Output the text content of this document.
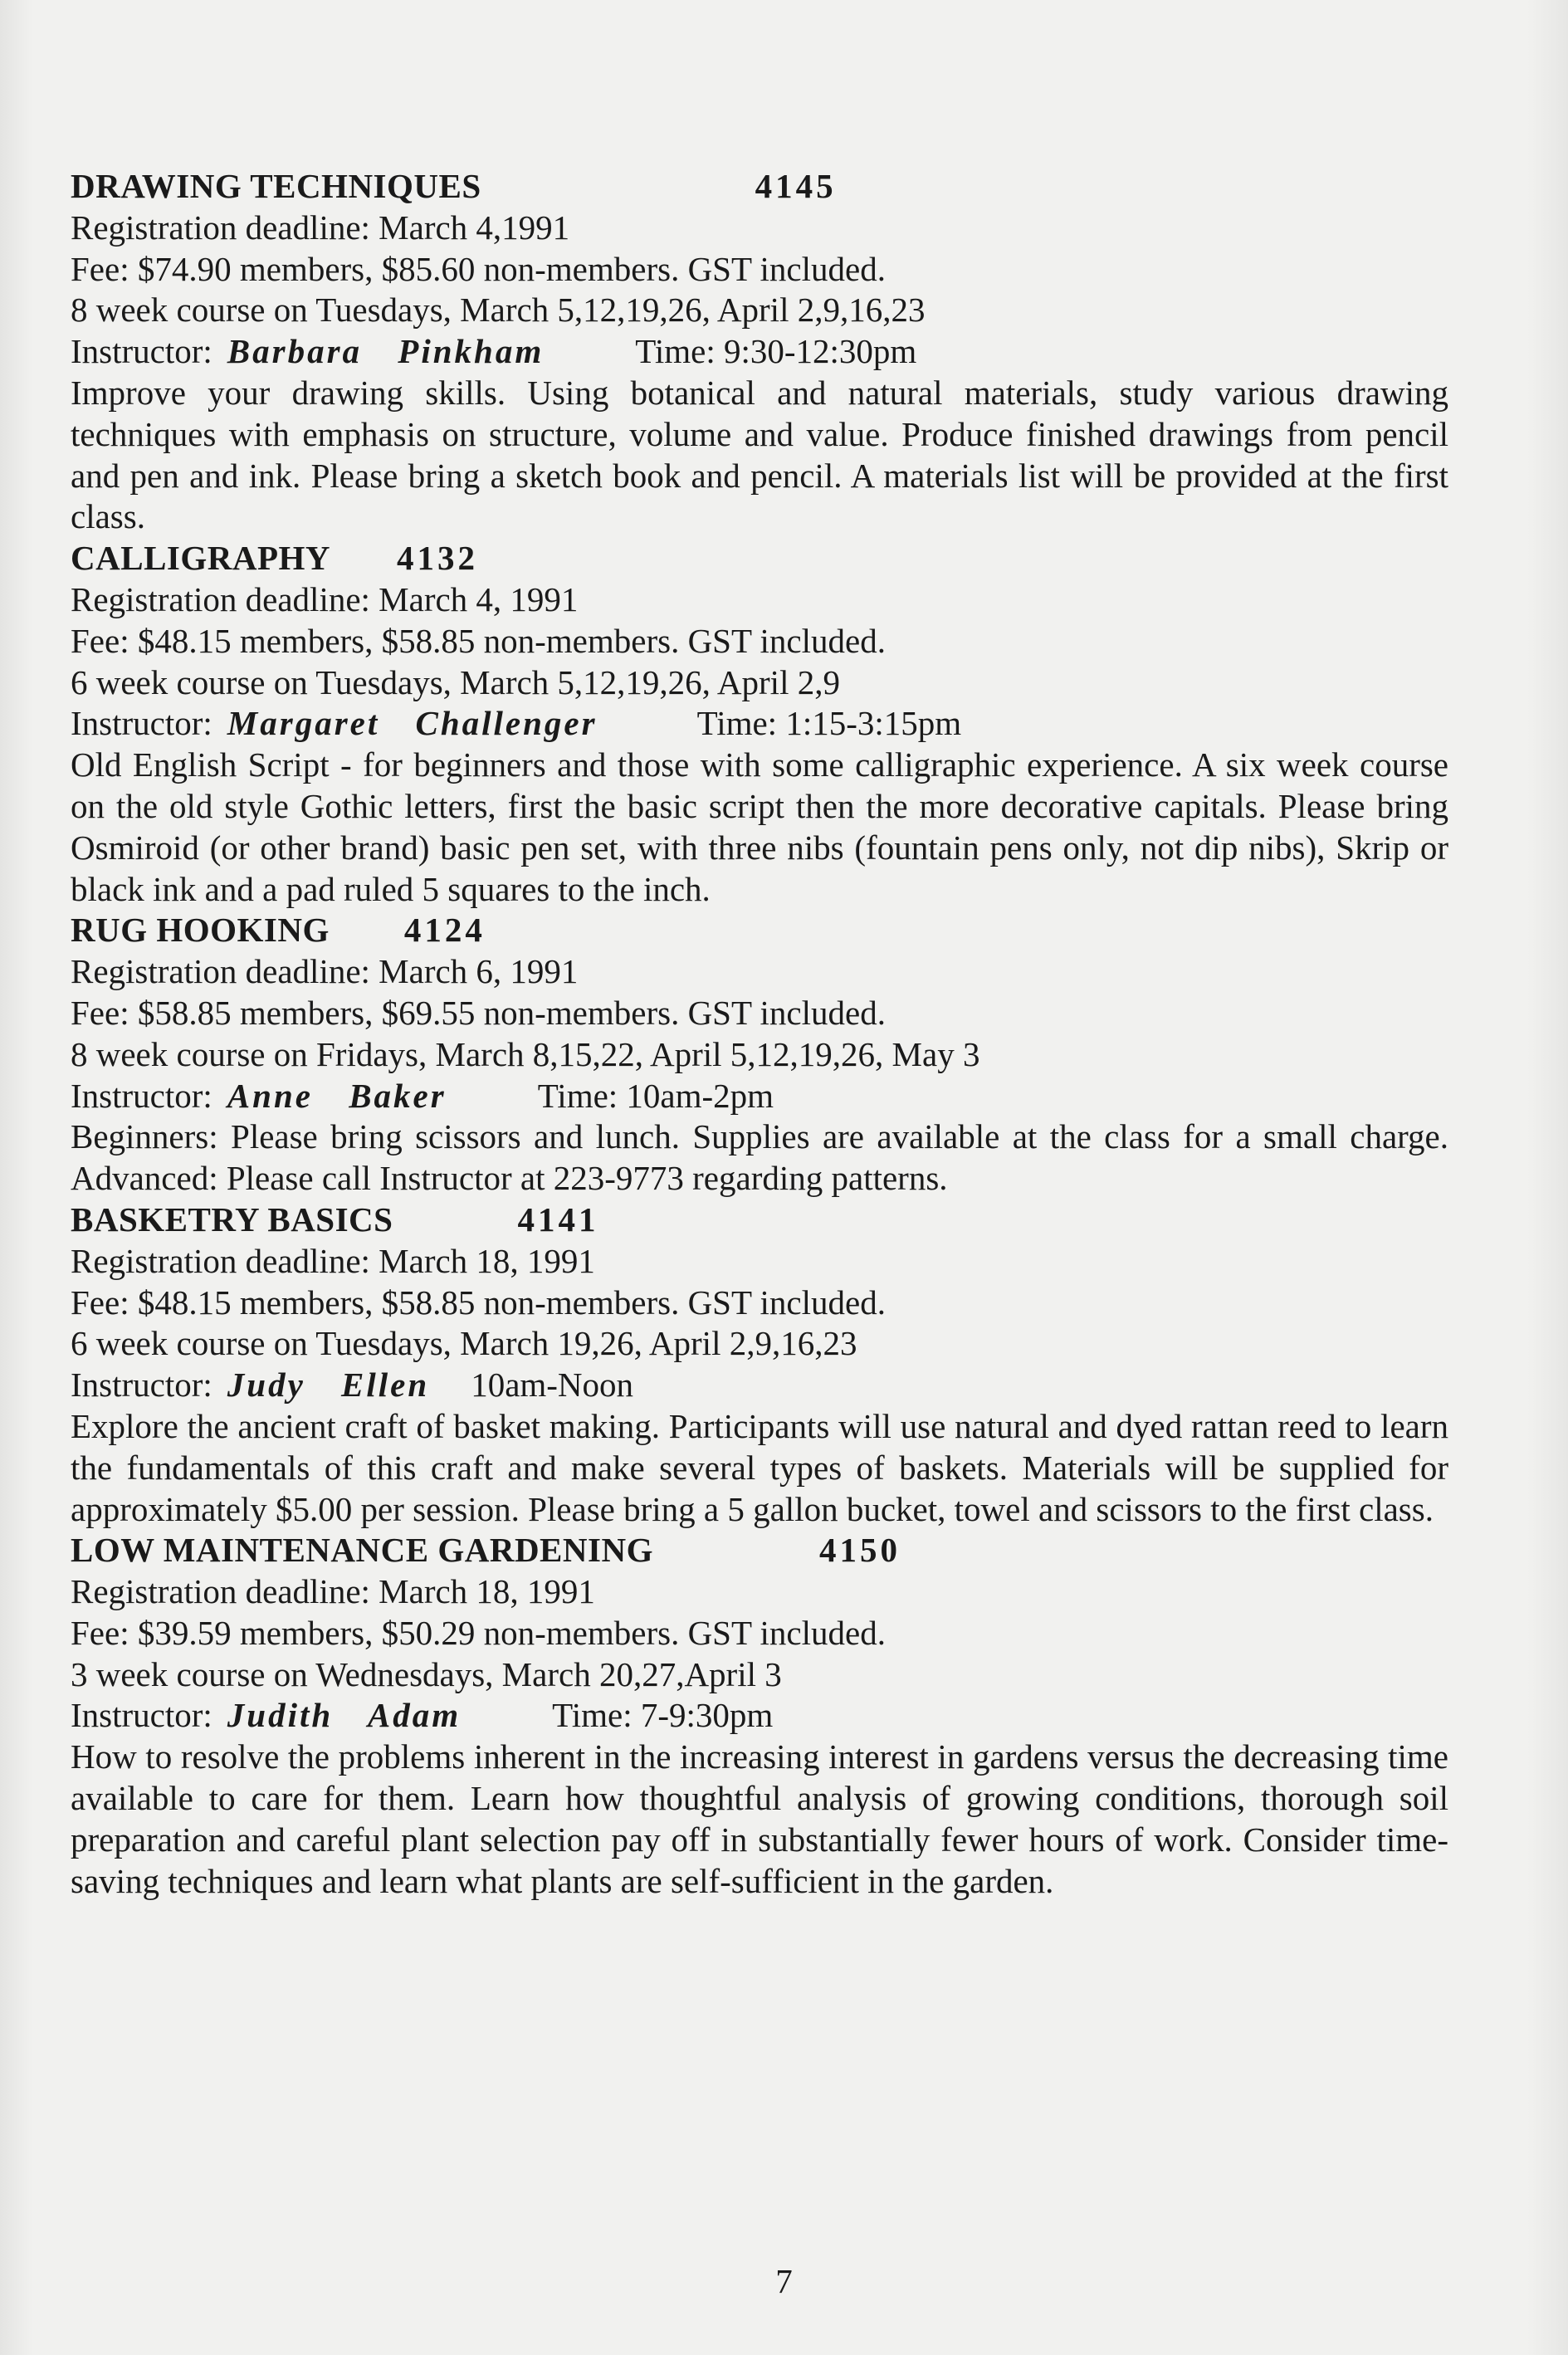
DRAWING TECHNIQUES	4145
Registration deadline: March 4,1991
Fee: $74.90 members, $85.60 non-members. GST included.
8 week course on Tuesdays, March 5,12,19,26, April 2,9,16,23
Instructor: Barbara Pinkham	Time: 9:30-12:30pm
Improve your drawing skills. Using botanical and natural materials, study various drawing techniques with emphasis on structure, volume and value. Produce finished drawings from pencil and pen and ink. Please bring a sketch book and pencil. A materials list will be provided at the first class.
CALLIGRAPHY 4132
Registration deadline: March 4, 1991
Fee: $48.15 members, $58.85 non-members. GST included.
6 week course on Tuesdays, March 5,12,19,26, April 2,9
Instructor: Margaret Challenger	Time: 1:15-3:15pm
Old English Script - for beginners and those with some calligraphic experience. A six week course on the old style Gothic letters, first the basic script then the more decorative capitals. Please bring Osmiroid (or other brand) basic pen set, with three nibs (fountain pens only, not dip nibs), Skrip or black ink and a pad ruled 5 squares to the inch.
RUG HOOKING 4124
Registration deadline: March 6, 1991
Fee: $58.85 members, $69.55 non-members. GST included.
8 week course on Fridays, March 8,15,22, April 5,12,19,26, May 3
Instructor: Anne Baker	Time: 10am-2pm
Beginners: Please bring scissors and lunch. Supplies are available at the class for a small charge. Advanced: Please call Instructor at 223-9773 regarding patterns.
BASKETRY BASICS	4141
Registration deadline: March 18, 1991
Fee: $48.15 members, $58.85 non-members. GST included.
6 week course on Tuesdays, March 19,26, April 2,9,16,23
Instructor: Judy Ellen 10am-Noon
Explore the ancient craft of basket making. Participants will use natural and dyed rattan reed to learn the fundamentals of this craft and make several types of baskets. Materials will be supplied for approximately $5.00 per session. Please bring a 5 gallon bucket, towel and scissors to the first class.
LOW MAINTENANCE GARDENING	4150
Registration deadline: March 18, 1991
Fee: $39.59 members, $50.29 non-members. GST included.
3 week course on Wednesdays, March 20,27,April 3
Instructor: Judith Adam	Time: 7-9:30pm
How to resolve the problems inherent in the increasing interest in gardens versus the decreasing time available to care for them. Learn how thoughtful analysis of growing conditions, thorough soil preparation and careful plant selection pay off in substantially fewer hours of work. Consider time-saving techniques and learn what plants are self-sufficient in the garden.
7
